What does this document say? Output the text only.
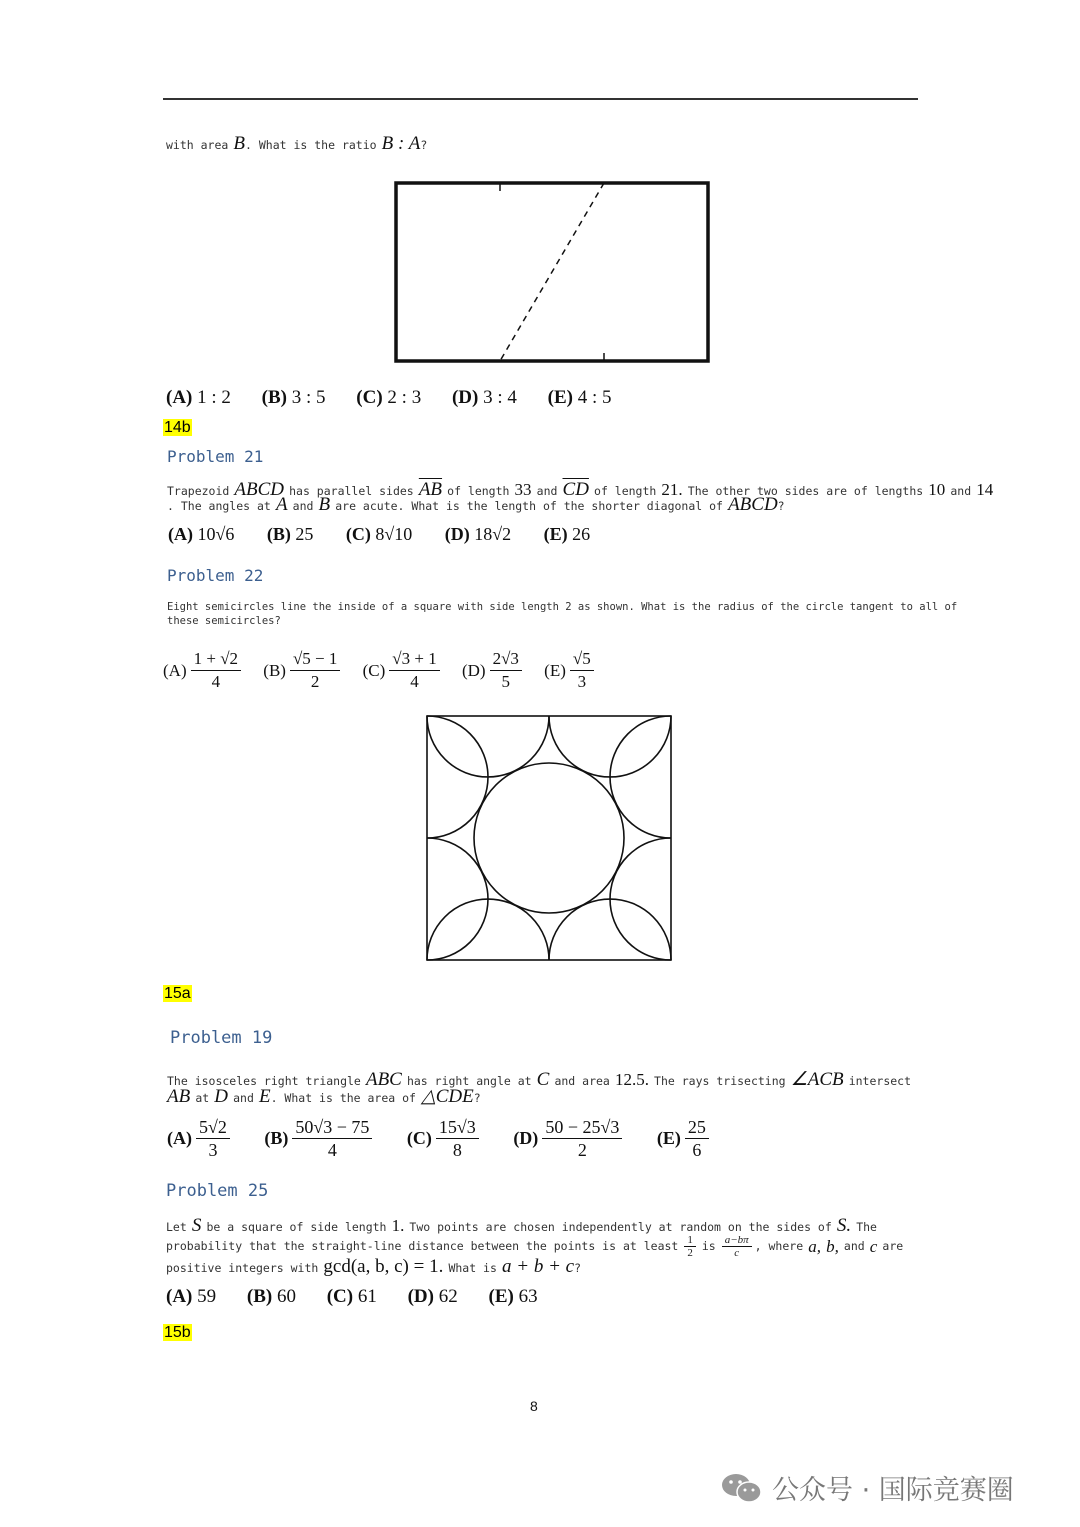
with area B. What is the ratio B : A?
(A)
1 : 2
(B)
3 : 5
(C)
2 : 3
(D)
3 : 4
(E)
4 : 5
14b
Problem 21
Trapezoid ABCD has parallel sides $\overline{AB}$ of length 33 and $\overline{CD}$ of length 21. The other two sides are of lengths 10 and 14
. The angles at A and B are acute. What is the length of the shorter diagonal of ABCD?
(A)
10√6
(B)
25
(C)
8√10
(D)
18√2
(E)
26
Problem 22
Eight semicircles line the inside of a square with side length 2 as shown. What is the radius of the circle tangent to all of
these semicircles?
$(A) \frac{1 + √2}{4}$
$(B) \frac{√5 - 1}{2}$
$(C) \frac{√3 + 1}{4}$
$(D) \frac{2√3}{5}$
$(E) \frac{√5}{3}$
15a
Problem 19
The isosceles right triangle ABC has right angle at C and area 12.5. The rays trisecting ∠ACB intersect
AB at D and E. What is the area of △CDE?
$(A) \frac{5√2}{3}$
$(B) \frac{50√3 - 75}{4}$
$(C) \frac{15√3}{8}$
$(D) \frac{50 - 25√3}{2}$
$(E) \frac{25}{6}$
Problem 25
Let S be a square of side length 1. Two points are chosen independently at random on the sides of S. The
probability that the straight-line distance between the points is at least $\frac{1}{2}$ is $\frac{a-b\pi}{c}$ , where
a,
b,
and
c
are
positive integers with gcd(a, b, c) = 1. What is a + b + c?
(A)
59
(B)
60
(C)
61
(D)
62
(E)
63
15b
8
公众号 · 国际竞赛圈
